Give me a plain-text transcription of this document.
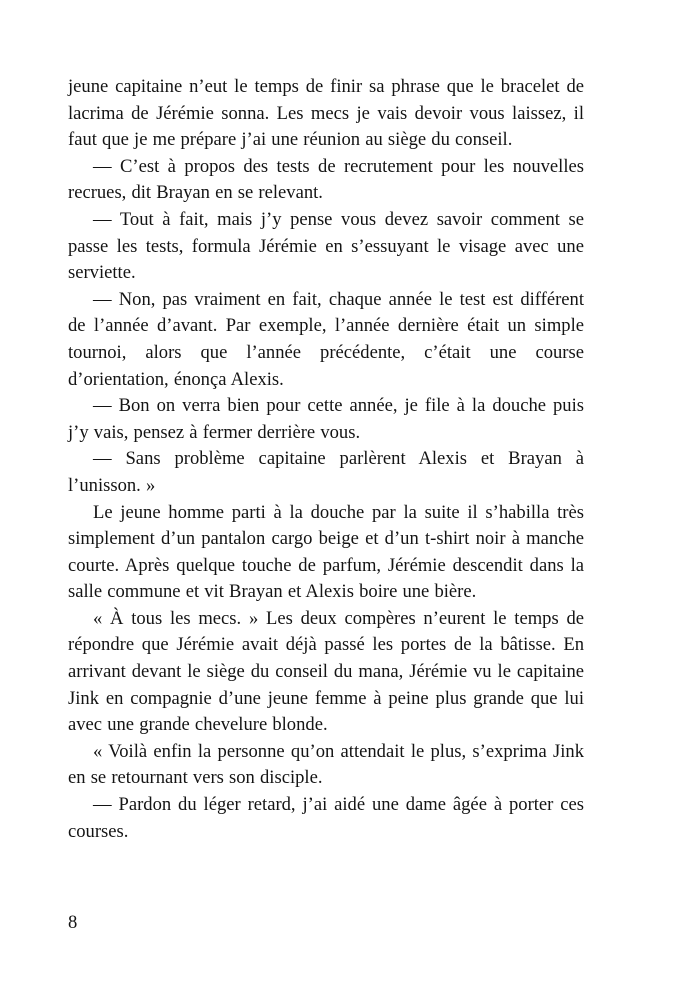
jeune capitaine n’eut le temps de finir sa phrase que le bracelet de lacrima de Jérémie sonna. Les mecs je vais devoir vous laissez, il faut que je me prépare j’ai une réunion au siège du conseil.

— C’est à propos des tests de recrutement pour les nouvelles recrues, dit Brayan en se relevant.

— Tout à fait, mais j’y pense vous devez savoir comment se passe les tests, formula Jérémie en s’essuyant le visage avec une serviette.

— Non, pas vraiment en fait, chaque année le test est différent de l’année d’avant. Par exemple, l’année dernière était un simple tournoi, alors que l’année précédente, c’était une course d’orientation, énonça Alexis.

— Bon on verra bien pour cette année, je file à la douche puis j’y vais, pensez à fermer derrière vous.

— Sans problème capitaine parlèrent Alexis et Brayan à l’unisson. »

Le jeune homme parti à la douche par la suite il s’habilla très simplement d’un pantalon cargo beige et d’un t-shirt noir à manche courte. Après quelque touche de parfum, Jérémie descendit dans la salle commune et vit Brayan et Alexis boire une bière.

« À tous les mecs. » Les deux compères n’eurent le temps de répondre que Jérémie avait déjà passé les portes de la bâtisse. En arrivant devant le siège du conseil du mana, Jérémie vu le capitaine Jink en compagnie d’une jeune femme à peine plus grande que lui avec une grande chevelure blonde.

« Voilà enfin la personne qu’on attendait le plus, s’exprima Jink en se retournant vers son disciple.

— Pardon du léger retard, j’ai aidé une dame âgée à porter ces courses.

8
